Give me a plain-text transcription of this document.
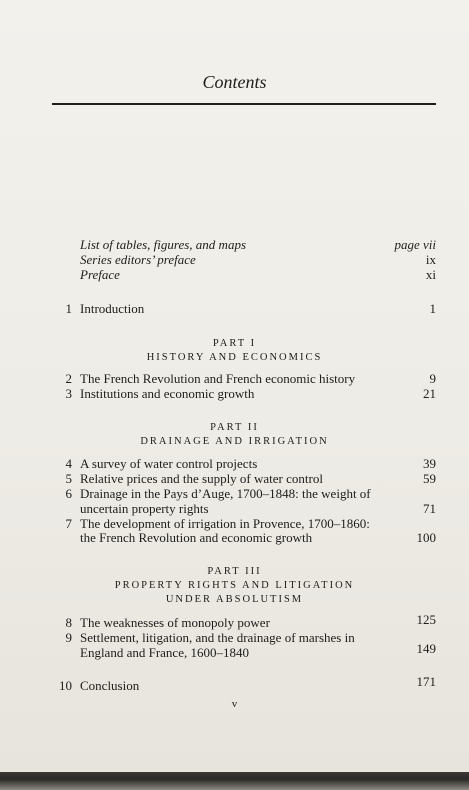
Contents
List of tables, figures, and maps	page vii
Series editors’ preface	ix
Preface	xi
1 Introduction	1
PART I
HISTORY AND ECONOMICS
2 The French Revolution and French economic history	9
3 Institutions and economic growth	21
PART II
DRAINAGE AND IRRIGATION
4 A survey of water control projects	39
5 Relative prices and the supply of water control	59
6 Drainage in the Pays d’Auge, 1700–1848: the weight of
uncertain property rights	71
7 The development of irrigation in Provence, 1700–1860:
the French Revolution and economic growth	100
PART III
PROPERTY RIGHTS AND LITIGATION
UNDER ABSOLUTISM
8 The weaknesses of monopoly power	125
9 Settlement, litigation, and the drainage of marshes in
England and France, 1600–1840	149
10 Conclusion	171
v
